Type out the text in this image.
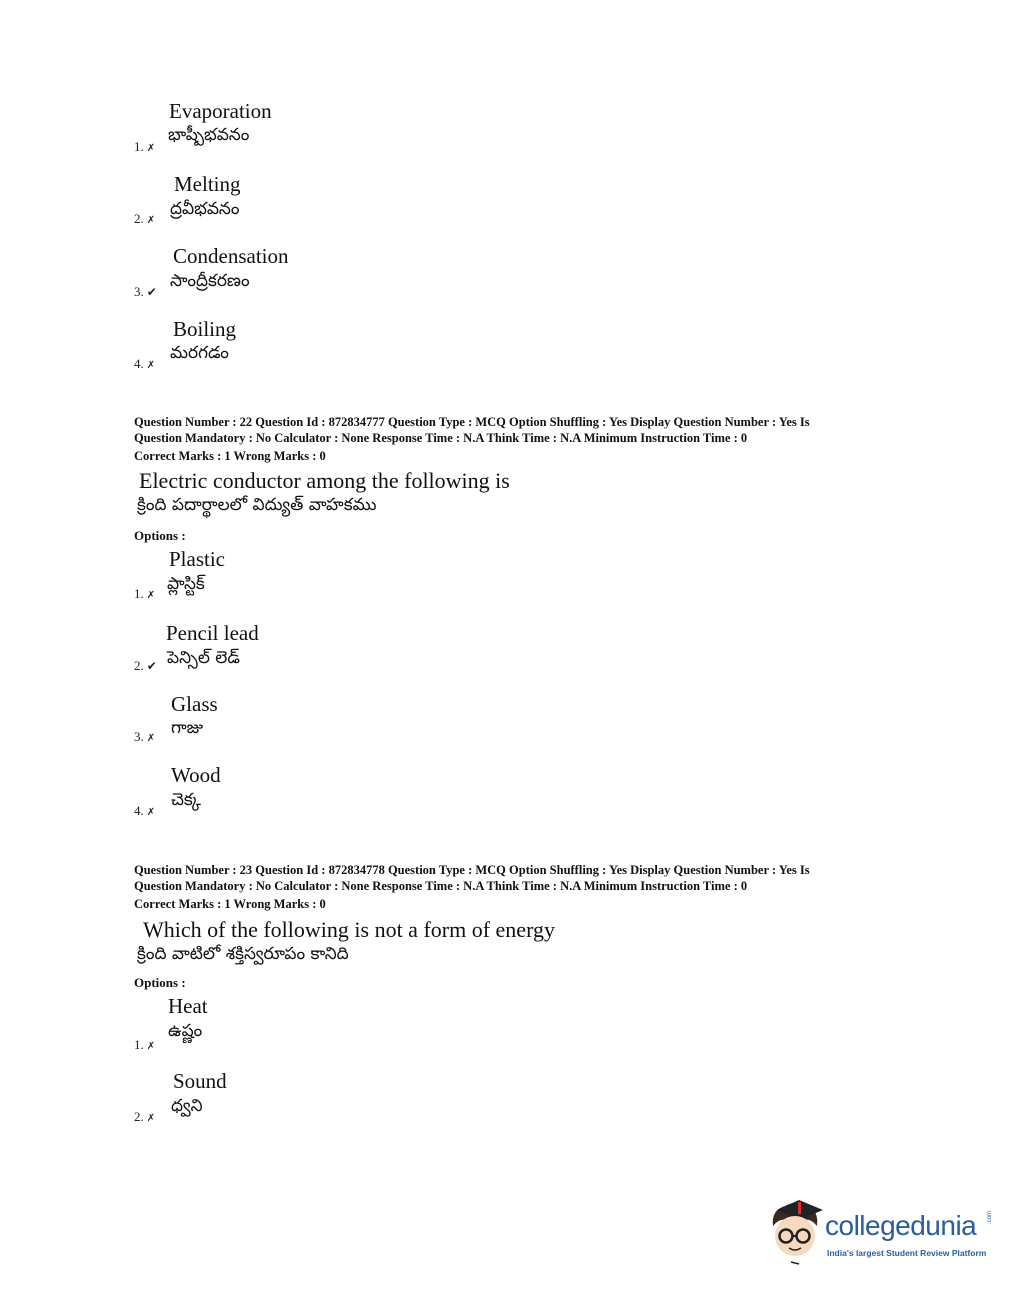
Evaporation
భాష్పీభవనం
1. ✗
Melting
ద్రవీభవనం
2. ✗
Condensation
సాంద్రీకరణం
3. ✔
Boiling
మరగడం
4. ✗
Question Number : 22 Question Id : 872834777 Question Type : MCQ Option Shuffling : Yes Display Question Number : Yes Is
Question Mandatory : No Calculator : None Response Time : N.A Think Time : N.A Minimum Instruction Time : 0
Correct Marks : 1 Wrong Marks : 0
Electric conductor among the following is
క్రింది పదార్థాలలో విద్యుత్ వాహకము
Options :
Plastic
ప్లాస్టిక్
1. ✗
Pencil lead
పెన్సిల్ లెడ్
2. ✔
Glass
గాజు
3. ✗
Wood
చెక్క
4. ✗
Question Number : 23 Question Id : 872834778 Question Type : MCQ Option Shuffling : Yes Display Question Number : Yes Is
Question Mandatory : No Calculator : None Response Time : N.A Think Time : N.A Minimum Instruction Time : 0
Correct Marks : 1 Wrong Marks : 0
Which of the following is not a form of energy
క్రింది వాటిలో శక్తిస్వరూపం కానిది
Options :
Heat
ఉష్ణం
1. ✗
Sound
ధ్వని
2. ✗
collegedunia .com
India's largest Student Review Platform
